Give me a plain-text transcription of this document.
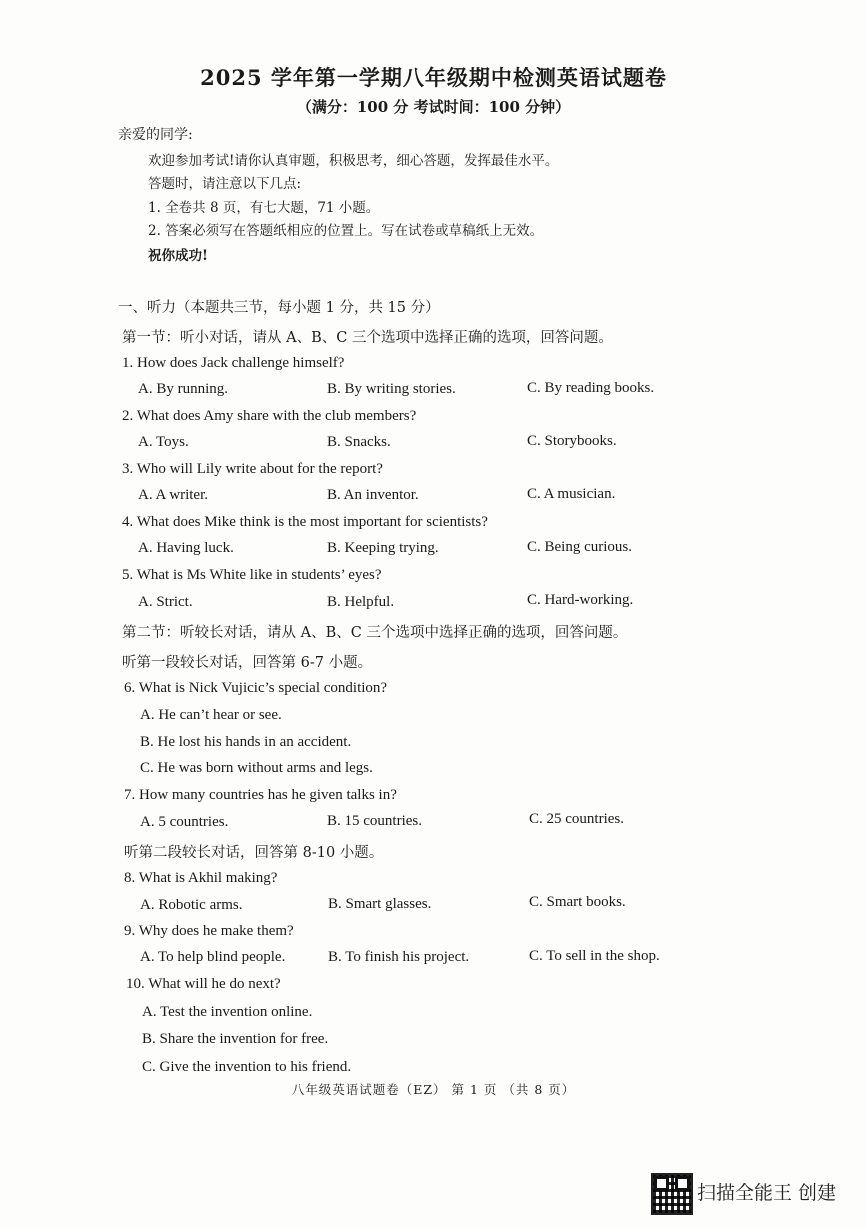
2025 学年第一学期八年级期中检测英语试题卷
（满分：100 分 考试时间：100 分钟）
亲爱的同学:
欢迎参加考试!请你认真审题，积极思考，细心答题，发挥最佳水平。
答题时，请注意以下几点:
1. 全卷共 8 页，有七大题，71 小题。
2. 答案必须写在答题纸相应的位置上。写在试卷或草稿纸上无效。
祝你成功!
一、听力（本题共三节，每小题 1 分，共 15 分）
第一节：听小对话，请从 A、B、C 三个选项中选择正确的选项，回答问题。
1. How does Jack challenge himself?
A. By running.	B. By writing stories.	C. By reading books.
2. What does Amy share with the club members?
A. Toys.	B. Snacks.	C. Storybooks.
3. Who will Lily write about for the report?
A. A writer.	B. An inventor.	C. A musician.
4. What does Mike think is the most important for scientists?
A. Having luck.	B. Keeping trying.	C. Being curious.
5. What is Ms White like in students’ eyes?
A. Strict.	B. Helpful.	C. Hard-working.
第二节：听较长对话，请从 A、B、C 三个选项中选择正确的选项，回答问题。
听第一段较长对话，回答第 6-7 小题。
6. What is Nick Vujicic’s special condition?
A. He can’t hear or see.
B. He lost his hands in an accident.
C. He was born without arms and legs.
7. How many countries has he given talks in?
A. 5 countries.	B. 15 countries.	C. 25 countries.
听第二段较长对话，回答第 8-10 小题。
8. What is Akhil making?
A. Robotic arms.	B. Smart glasses.	C. Smart books.
9. Why does he make them?
A. To help blind people.	B. To finish his project.	C. To sell in the shop.
10. What will he do next?
A. Test the invention online.
B. Share the invention for free.
C. Give the invention to his friend.
八年级英语试题卷（EZ） 第 1 页 （共 8 页）
扫描全能王 创建
